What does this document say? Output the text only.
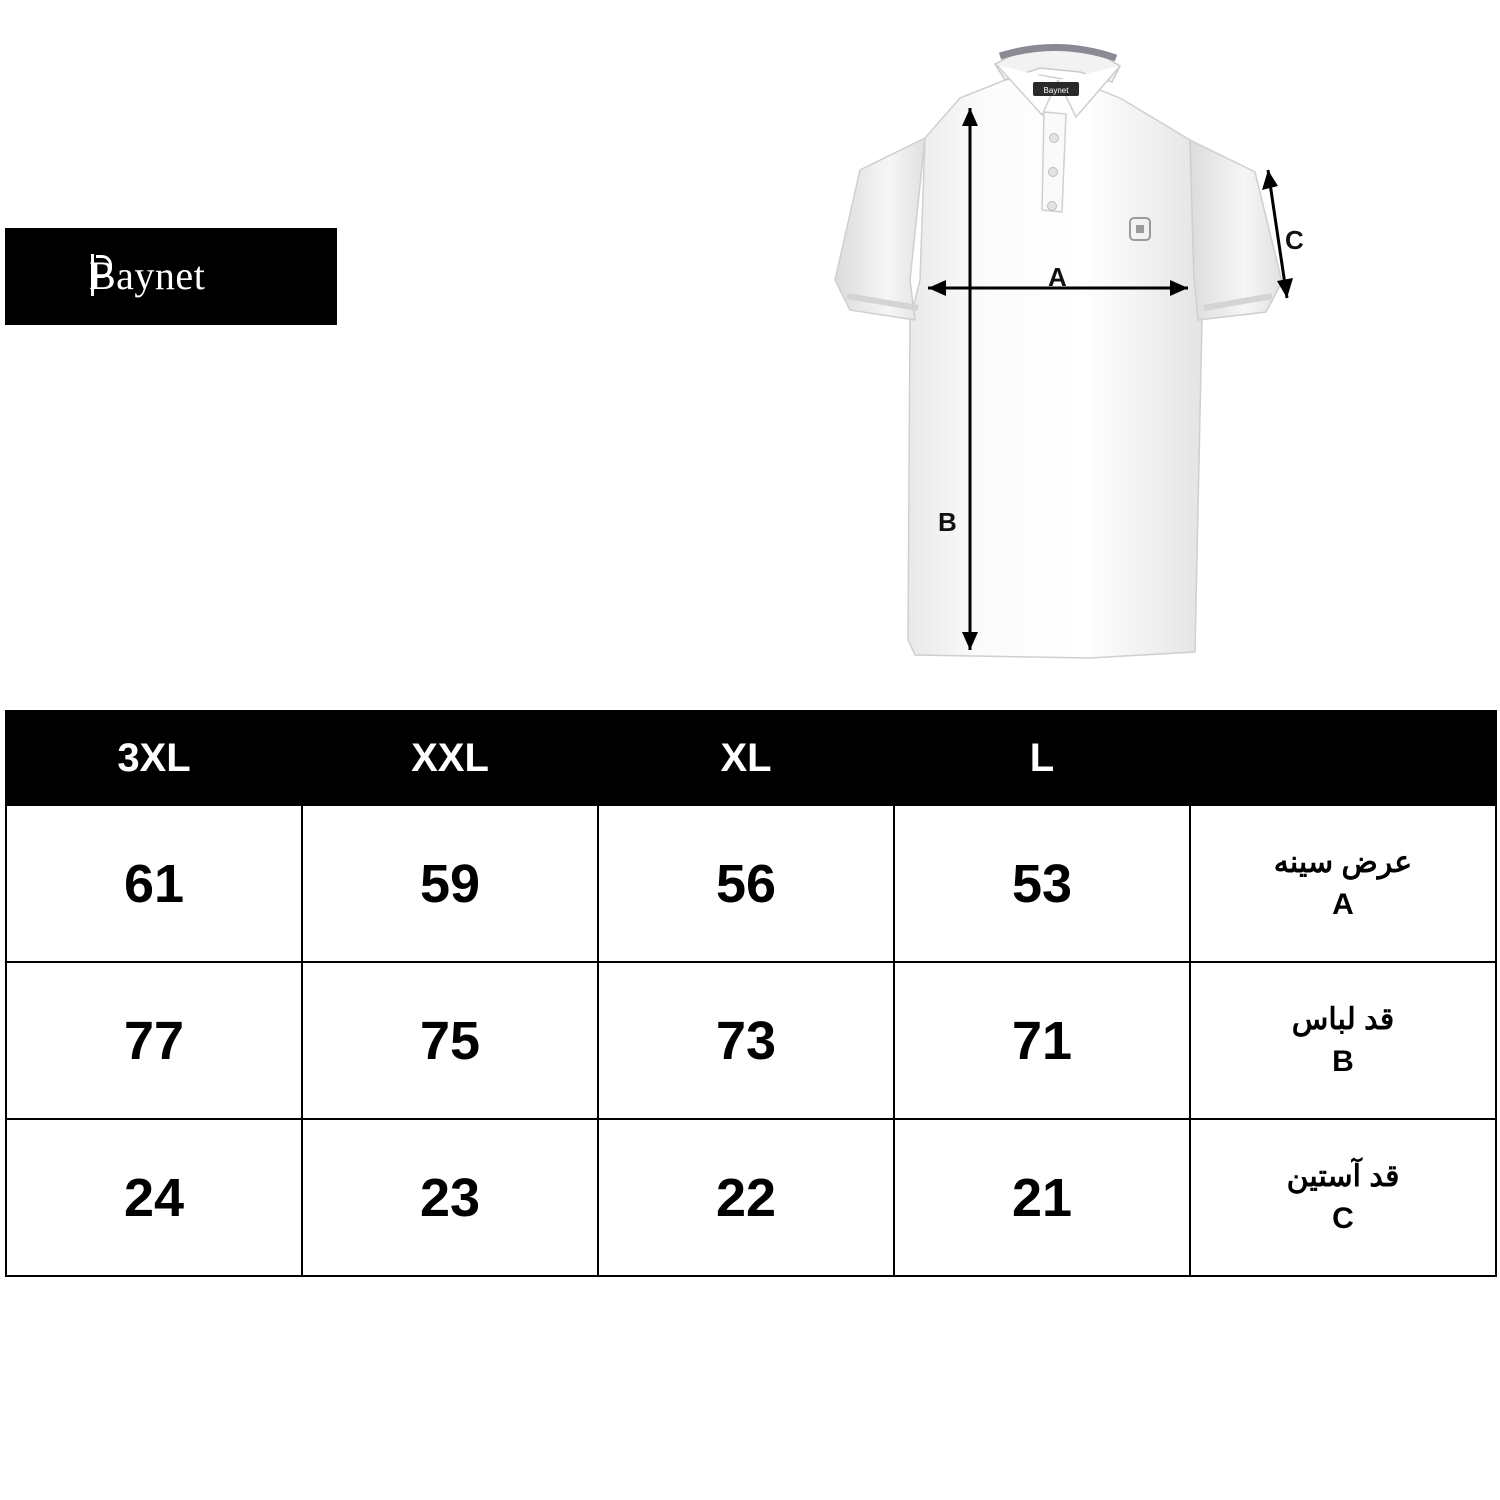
Baynet
Baynet
A
B
C
3XL	XXL	XL	L	
61	59	56	53	عرض سینه
A

77	75	73	71	قد لباس
B

24	23	22	21	قد آستین
C
